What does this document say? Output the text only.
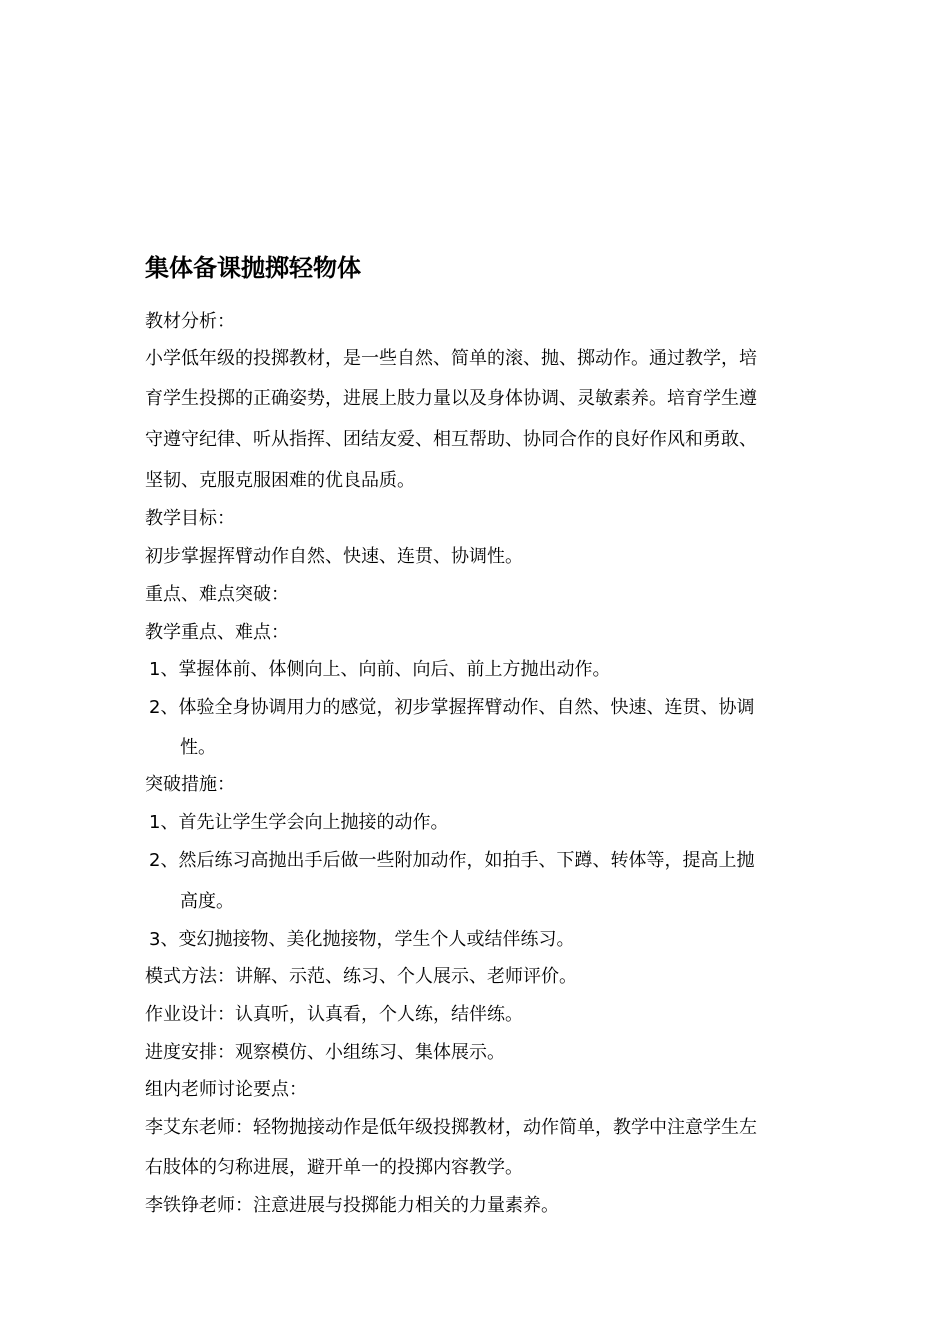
集体备课抛掷轻物体
教材分析：
小学低年级的投掷教材，是一些自然、简单的滚、抛、掷动作。通过教学，培
育学生投掷的正确姿势，进展上肢力量以及身体协调、灵敏素养。培育学生遵
守遵守纪律、听从指挥、团结友爱、相互帮助、协同合作的良好作风和勇敢、
坚韧、克服克服困难的优良品质。
教学目标：
初步掌握挥臂动作自然、快速、连贯、协调性。
重点、难点突破：
教学重点、难点：
1、掌握体前、体侧向上、向前、向后、前上方抛出动作。
2、体验全身协调用力的感觉，初步掌握挥臂动作、自然、快速、连贯、协调
性。
突破措施：
1、首先让学生学会向上抛接的动作。
2、然后练习高抛出手后做一些附加动作，如拍手、下蹲、转体等，提高上抛
高度。
3、变幻抛接物、美化抛接物，学生个人或结伴练习。
模式方法：讲解、示范、练习、个人展示、老师评价。
作业设计：认真听，认真看，个人练，结伴练。
进度安排：观察模仿、小组练习、集体展示。
组内老师讨论要点：
李艾东老师：轻物抛接动作是低年级投掷教材，动作简单，教学中注意学生左
右肢体的匀称进展，避开单一的投掷内容教学。
李铁铮老师：注意进展与投掷能力相关的力量素养。
